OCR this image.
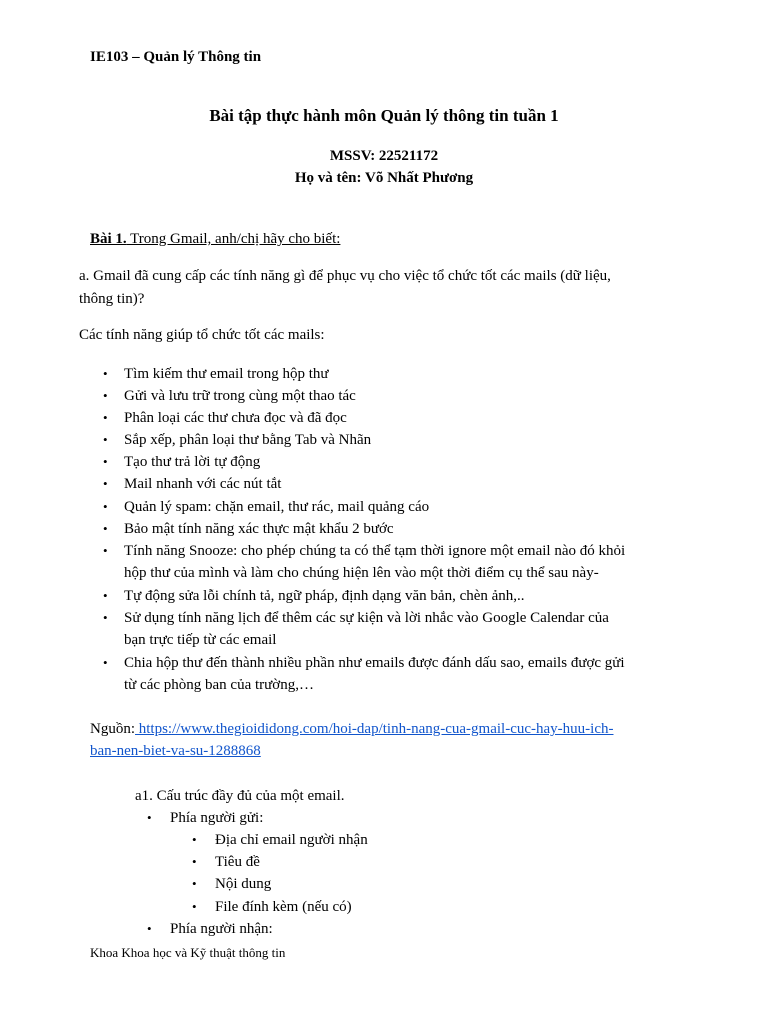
IE103 – Quản lý Thông tin
Bài tập thực hành môn Quản lý thông tin tuần 1
MSSV: 22521172
Họ và tên: Võ Nhất Phương
Bài 1. Trong Gmail, anh/chị hãy cho biết:
a. Gmail đã cung cấp các tính năng gì để phục vụ cho việc tổ chức tốt các mails (dữ liệu,
thông tin)?
Các tính năng giúp tổ chức tốt các mails:
• Tìm kiếm thư email trong hộp thư
• Gửi và lưu trữ trong cùng một thao tác
• Phân loại các thư chưa đọc và đã đọc
• Sắp xếp, phân loại thư bằng Tab và Nhãn
• Tạo thư trả lời tự động
• Mail nhanh với các nút tắt
• Quản lý spam: chặn email, thư rác, mail quảng cáo
• Bảo mật tính năng xác thực mật khẩu 2 bước
• Tính năng Snooze: cho phép chúng ta có thể tạm thời ignore một email nào đó khỏi
hộp thư của mình và làm cho chúng hiện lên vào một thời điểm cụ thể sau này-
• Tự động sửa lỗi chính tả, ngữ pháp, định dạng văn bản, chèn ảnh,..
• Sử dụng tính năng lịch để thêm các sự kiện và lời nhắc vào Google Calendar của
bạn trực tiếp từ các email
• Chia hộp thư đến thành nhiều phần như emails được đánh dấu sao, emails được gửi
từ các phòng ban của trường,…
Nguồn: https://www.thegioididong.com/hoi-dap/tinh-nang-cua-gmail-cuc-hay-huu-ich-
ban-nen-biet-va-su-1288868
a1. Cấu trúc đầy đủ của một email.
• Phía người gửi:
• Địa chỉ email người nhận
• Tiêu đề
• Nội dung
• File đính kèm (nếu có)
• Phía người nhận:
Khoa Khoa học và Kỹ thuật thông tin
